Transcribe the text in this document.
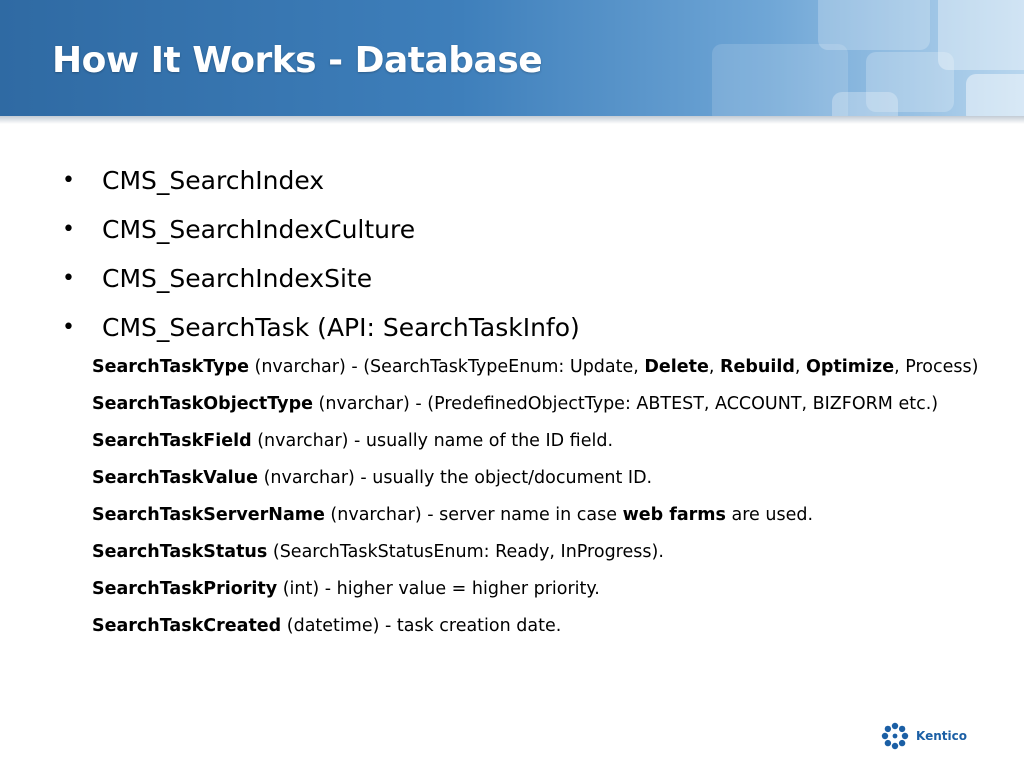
How It Works - Database
• CMS_SearchIndex
• CMS_SearchIndexCulture
• CMS_SearchIndexSite
• CMS_SearchTask (API: SearchTaskInfo)
SearchTaskType (nvarchar) - (SearchTaskTypeEnum: Update, Delete, Rebuild, Optimize, Process)
SearchTaskObjectType (nvarchar) - (PredefinedObjectType: ABTEST, ACCOUNT, BIZFORM etc.)
SearchTaskField (nvarchar) - usually name of the ID field.
SearchTaskValue (nvarchar) - usually the object/document ID.
SearchTaskServerName (nvarchar) - server name in case web farms are used.
SearchTaskStatus (SearchTaskStatusEnum: Ready, InProgress).
SearchTaskPriority (int) - higher value = higher priority.
SearchTaskCreated (datetime) - task creation date.
Kentico
